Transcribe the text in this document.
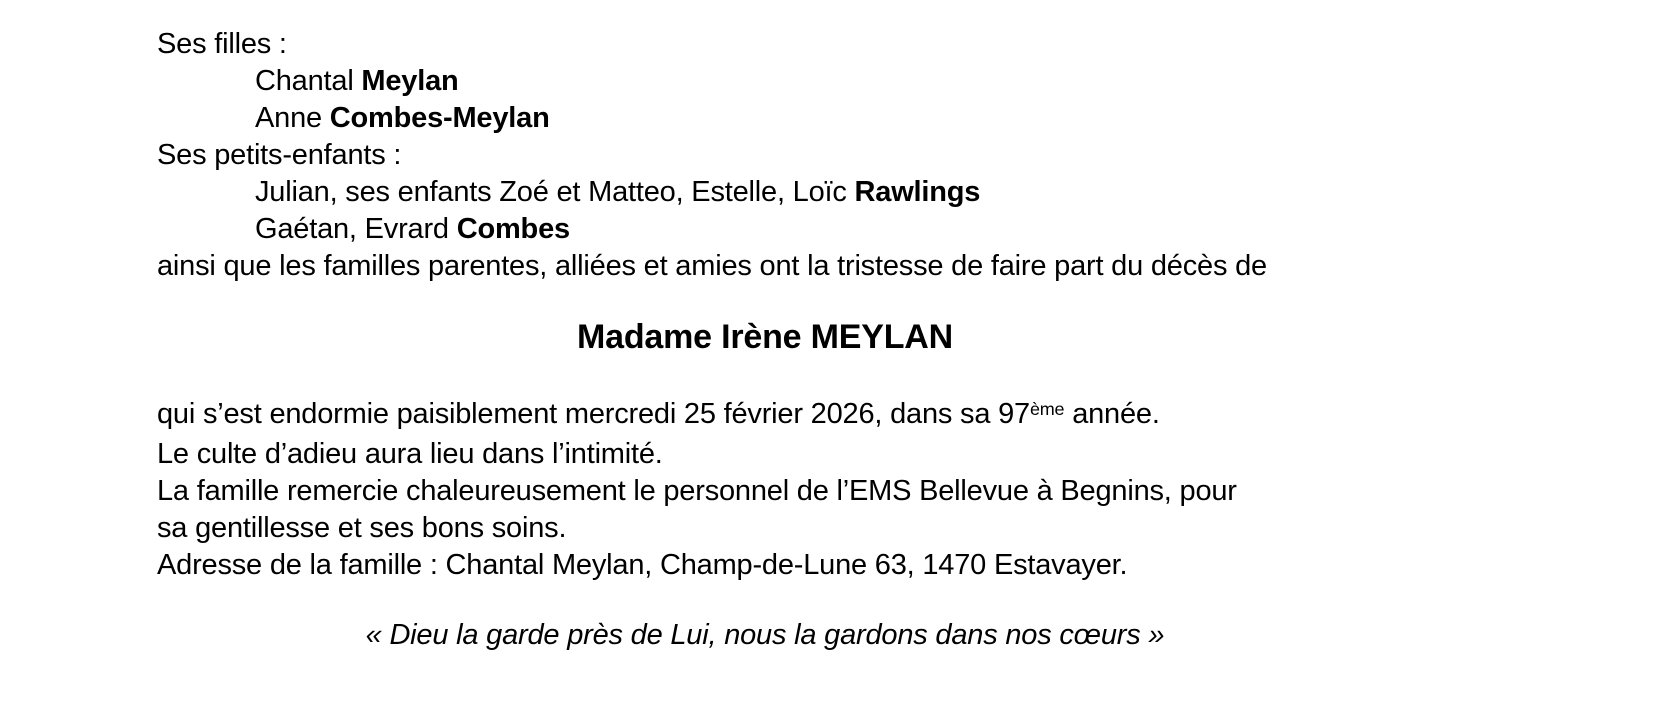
Ses filles :

Chantal Meylan

Anne Combes-Meylan

Ses petits-enfants :

Julian, ses enfants Zoé et Matteo, Estelle, Loïc Rawlings

Gaétan, Evrard Combes

ainsi que les familles parentes, alliées et amies ont la tristesse de faire part du décès de

Madame Irène MEYLAN

qui s’est endormie paisiblement mercredi 25 février 2026, dans sa 97ème année.

Le culte d’adieu aura lieu dans l’intimité.

La famille remercie chaleureusement le personnel de l’EMS Bellevue à Begnins, pour

sa gentillesse et ses bons soins.

Adresse de la famille : Chantal Meylan, Champ-de-Lune 63, 1470 Estavayer.

« Dieu la garde près de Lui, nous la gardons dans nos cœurs »
